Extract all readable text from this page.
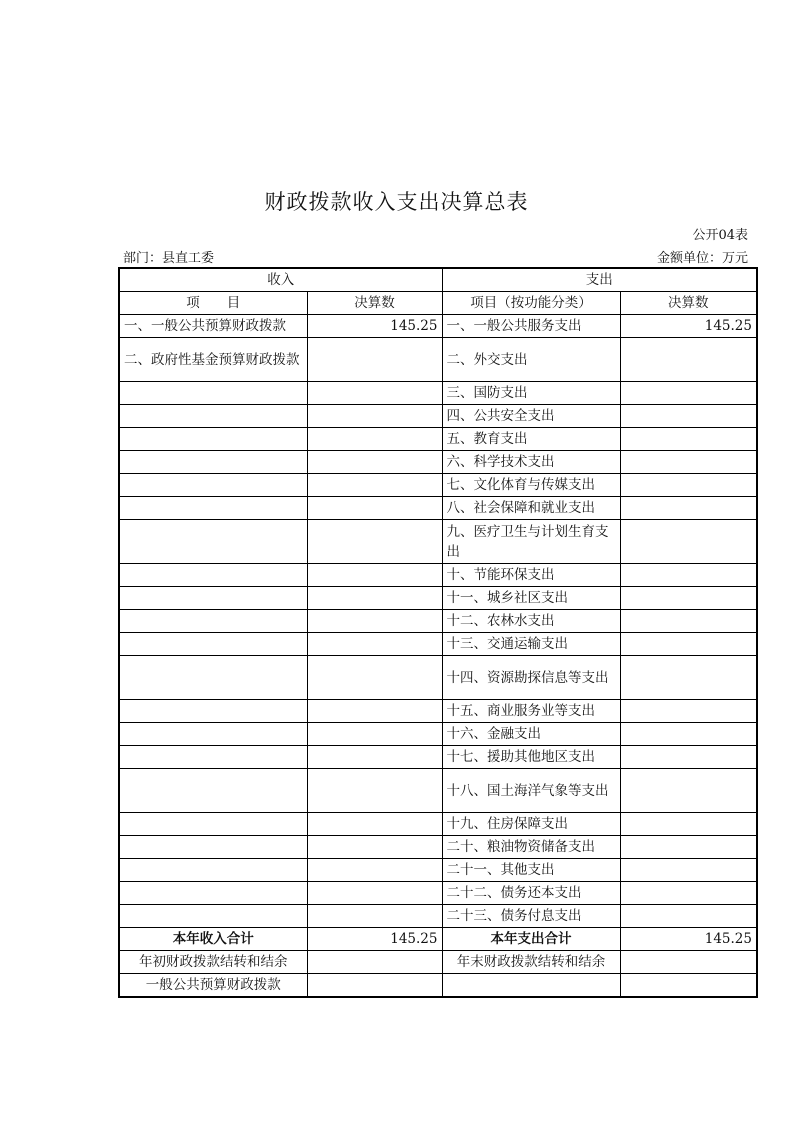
财政拨款收入支出决算总表
公开04表
部门：县直工委	金额单位：万元
收入		支出	
项　　目	决算数	项目（按功能分类）	决算数
一、一般公共预算财政拨款	145.25	一、一般公共服务支出	145.25
二、政府性基金预算财政拨款		二、外交支出	
		三、国防支出	
		四、公共安全支出	
		五、教育支出	
		六、科学技术支出	
		七、文化体育与传媒支出	
		八、社会保障和就业支出	
		九、医疗卫生与计划生育支出	
		十、节能环保支出	
		十一、城乡社区支出	
		十二、农林水支出	
		十三、交通运输支出	
		十四、资源勘探信息等支出	
		十五、商业服务业等支出	
		十六、金融支出	
		十七、援助其他地区支出	
		十八、国土海洋气象等支出	
		十九、住房保障支出	
		二十、粮油物资储备支出	
		二十一、其他支出	
		二十二、债务还本支出	
		二十三、债务付息支出	
本年收入合计	145.25	本年支出合计	145.25
年初财政拨款结转和结余		年末财政拨款结转和结余	
一般公共预算财政拨款			
